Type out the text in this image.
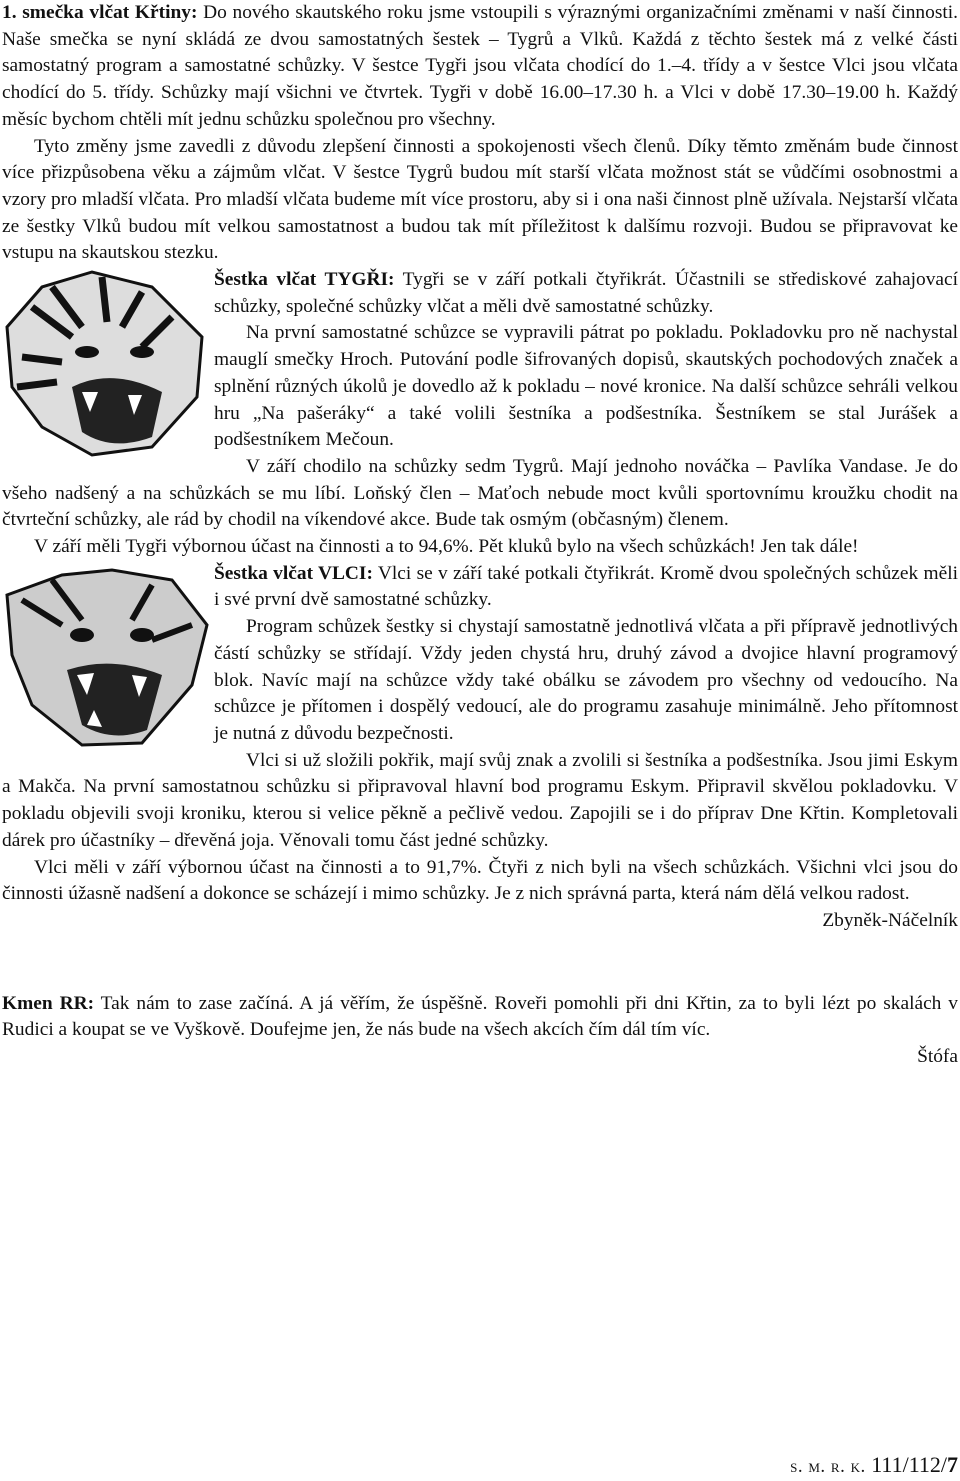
1. smečka vlčat Křtiny: Do nového skautského roku jsme vstoupili s výraznými organizačními změnami v naší činnosti. Naše smečka se nyní skládá ze dvou samostatných šestek – Tygrů a Vlků. Každá z těchto šestek má z velké části samostatný program a samostatné schůzky. V šestce Tygři jsou vlčata chodící do 1.–4. třídy a v šestce Vlci jsou vlčata chodící do 5. třídy. Schůzky mají všichni ve čtvrtek. Tygři v době 16.00–17.30 h. a Vlci v době 17.30–19.00 h. Každý měsíc bychom chtěli mít jednu schůzku společnou pro všechny.

Tyto změny jsme zavedli z důvodu zlepšení činnosti a spokojenosti všech členů. Díky těmto změnám bude činnost více přizpůsobena věku a zájmům vlčat. V šestce Tygrů budou mít starší vlčata možnost stát se vůdčími osobnostmi a vzory pro mladší vlčata. Pro mladší vlčata budeme mít více prostoru, aby si i ona naši činnost plně užívala. Nejstarší vlčata ze šestky Vlků budou mít velkou samostatnost a budou tak mít příležitost k dalšímu rozvoji. Budou se připravovat ke vstupu na skautskou stezku.

Šestka vlčat TYGŘI: Tygři se v září potkali čtyřikrát. Účastnili se střediskové zahajovací schůzky, společné schůzky vlčat a měli dvě samostatné schůzky.

Na první samostatné schůzce se vypravili pátrat po pokladu. Pokladovku pro ně nachystal mauglí smečky Hroch. Putování podle šifrovaných dopisů, skautských pochodových značek a splnění různých úkolů je dovedlo až k pokladu – nové kronice. Na další schůzce sehráli velkou hru „Na pašeráky“ a také volili šestníka a podšestníka. Šestníkem se stal Jurášek a podšestníkem Mečoun.

V září chodilo na schůzky sedm Tygrů. Mají jednoho nováčka – Pavlíka Vandase. Je do všeho nadšený a na schůzkách se mu líbí. Loňský člen – Maťoch nebude moct kvůli sportovnímu kroužku chodit na čtvrteční schůzky, ale rád by chodil na víkendové akce. Bude tak osmým (občasným) členem.

V září měli Tygři výbornou účast na činnosti a to 94,6%. Pět kluků bylo na všech schůzkách! Jen tak dále!

Šestka vlčat VLCI: Vlci se v září také potkali čtyřikrát. Kromě dvou společných schůzek měli i své první dvě samostatné schůzky.

Program schůzek šestky si chystají samostatně jednotlivá vlčata a při přípravě jednotlivých částí schůzky se střídají. Vždy jeden chystá hru, druhý závod a dvojice hlavní programový blok. Navíc mají na schůzce vždy také obálku se závodem pro všechny od vedoucího. Na schůzce je přítomen i dospělý vedoucí, ale do programu zasahuje minimálně. Jeho přítomnost je nutná z důvodu bezpečnosti.

Vlci si už složili pokřik, mají svůj znak a zvolili si šestníka a podšestníka. Jsou jimi Eskym a Makča. Na první samostatnou schůzku si připravoval hlavní bod programu Eskym. Připravil skvělou pokladovku. V pokladu objevili svoji kroniku, kterou si velice pěkně a pečlivě vedou. Zapojili se i do příprav Dne Křtin. Kompletovali dárek pro účastníky – dřevěná joja. Věnovali tomu část jedné schůzky.

Vlci měli v září výbornou účast na činnosti a to 91,7%. Čtyři z nich byli na všech schůzkách. Všichni vlci jsou do činnosti úžasně nadšení a dokonce se scházejí i mimo schůzky. Je z nich správná parta, která nám dělá velkou radost.

Zbyněk-Náčelník

Kmen RR: Tak nám to zase začíná. A já věřím, že úspěšně. Roveři pomohli při dni Křtin, za to byli lézt po skalách v Rudici a koupat se ve Vyškově. Doufejme jen, že nás bude na všech akcích čím dál tím víc.

Štófa

s. m. r. k. 111/112/7
